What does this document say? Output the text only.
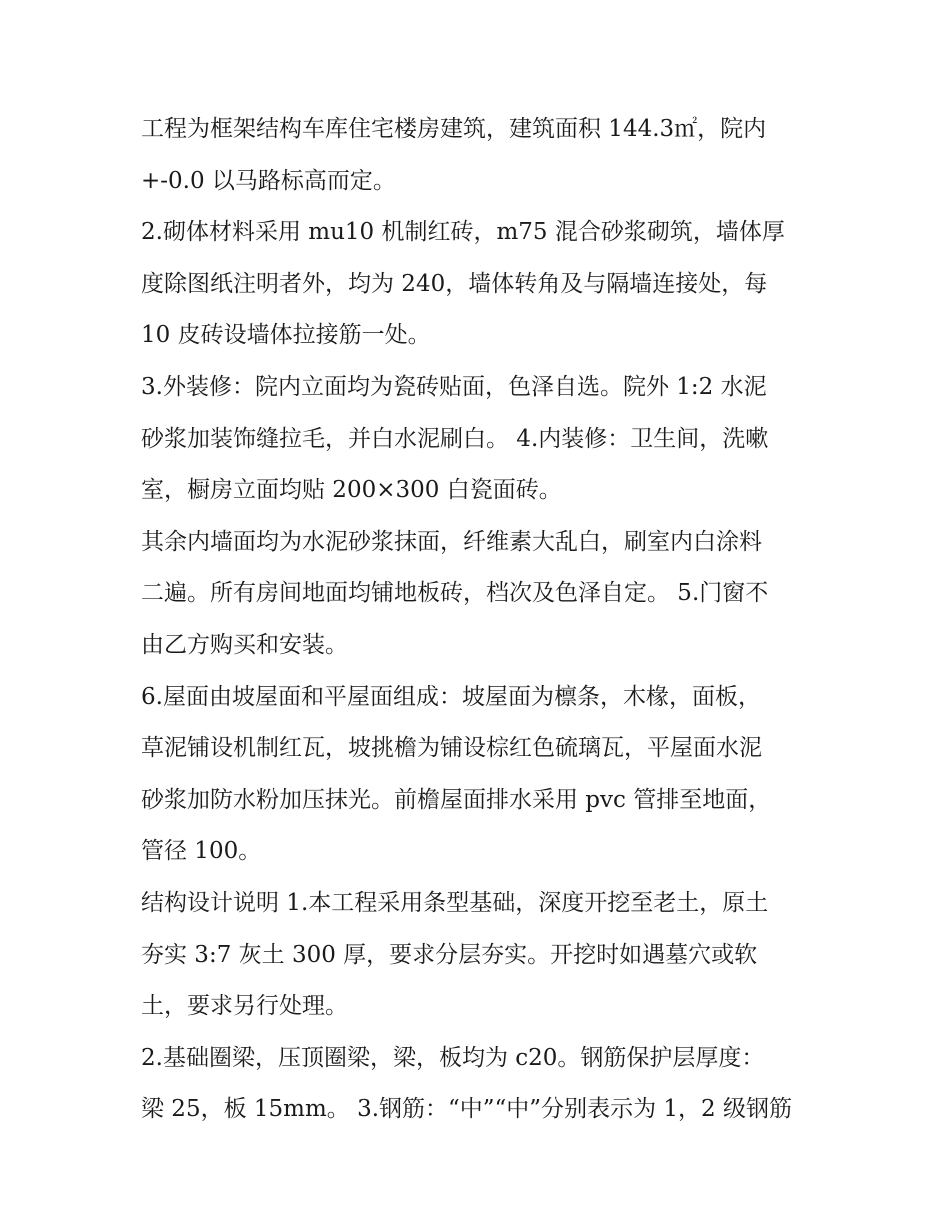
工程为框架结构车库住宅楼房建筑，建筑面积 144.3㎡，院内
+-0.0 以马路标高而定。
2.砌体材料采用 mu10 机制红砖，m75 混合砂浆砌筑，墙体厚
度除图纸注明者外，均为 240，墙体转角及与隔墙连接处，每
10 皮砖设墙体拉接筋一处。
3.外装修：院内立面均为瓷砖贴面，色泽自选。院外 1:2 水泥
砂浆加装饰缝拉毛，并白水泥刷白。 4.内装修：卫生间，洗嗽
室，橱房立面均贴 200×300 白瓷面砖。
其余内墙面均为水泥砂浆抹面，纤维素大乱白，刷室内白涂料
二遍。所有房间地面均铺地板砖，档次及色泽自定。 5.门窗不
由乙方购买和安装。
6.屋面由坡屋面和平屋面组成：坡屋面为檩条，木椽，面板，
草泥铺设机制红瓦，坡挑檐为铺设棕红色硫璃瓦，平屋面水泥
砂浆加防水粉加压抹光。前檐屋面排水采用 pvc 管排至地面，
管径 100。
结构设计说明 1.本工程采用条型基础，深度开挖至老土，原土
夯实 3:7 灰土 300 厚，要求分层夯实。开挖时如遇墓穴或软
土，要求另行处理。
2.基础圈梁，压顶圈梁，梁，板均为 c20。钢筋保护层厚度：
梁 25，板 15mm。 3.钢筋：“中”“中”分别表示为 1，2 级钢筋
